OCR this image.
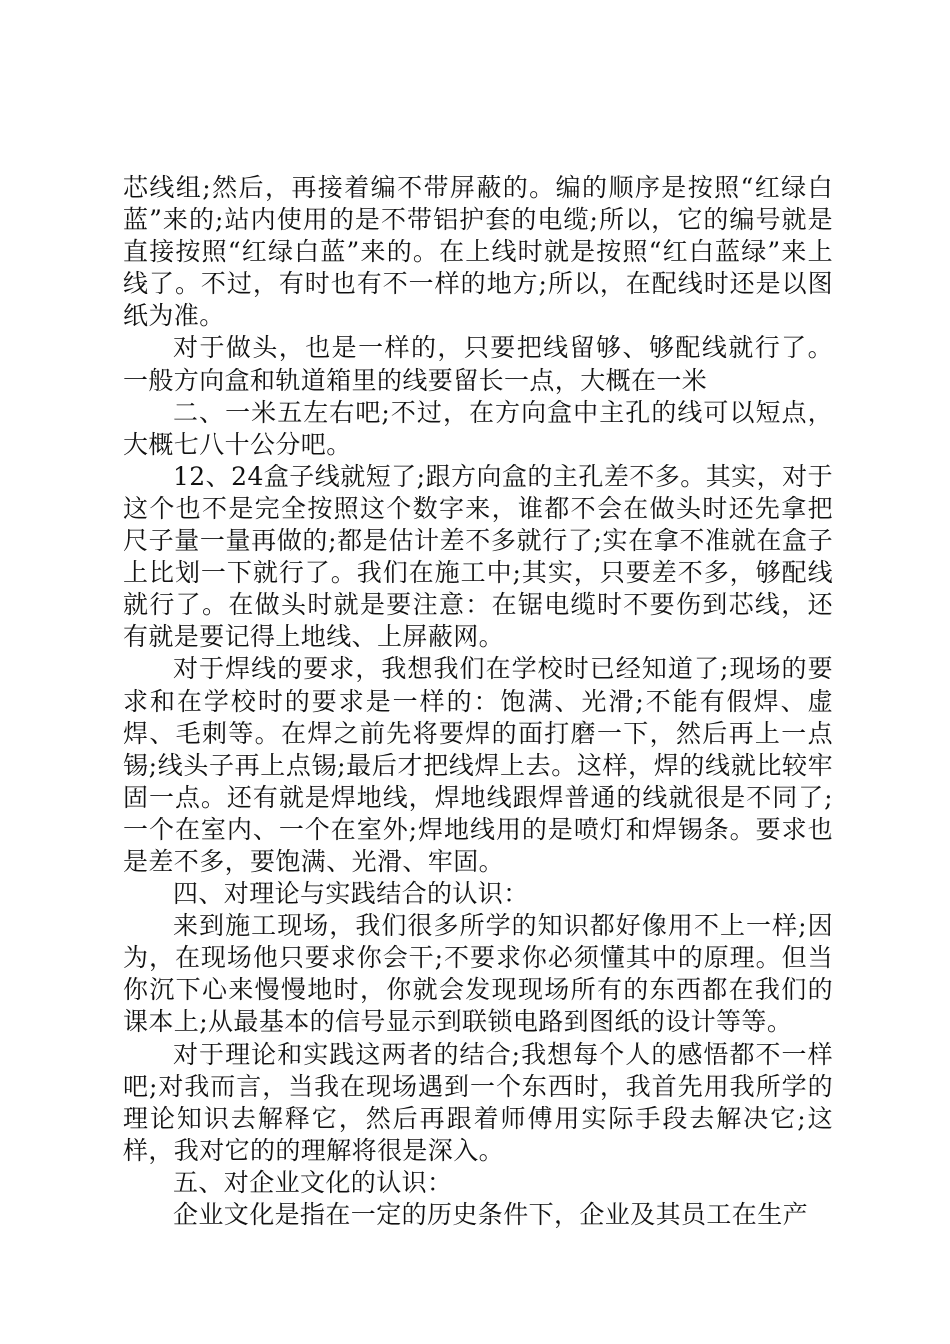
芯线组;然后，再接着编不带屏蔽的。编的顺序是按照“红绿白蓝”来的;站内使用的是不带铝护套的电缆;所以，它的编号就是直接按照“红绿白蓝”来的。在上线时就是按照“红白蓝绿”来上线了。不过，有时也有不一样的地方;所以，在配线时还是以图纸为准。

对于做头，也是一样的，只要把线留够、够配线就行了。一般方向盒和轨道箱里的线要留长一点，大概在一米

二、一米五左右吧;不过，在方向盒中主孔的线可以短点，大概七八十公分吧。

12、24盒子线就短了;跟方向盒的主孔差不多。其实，对于这个也不是完全按照这个数字来，谁都不会在做头时还先拿把尺子量一量再做的;都是估计差不多就行了;实在拿不准就在盒子上比划一下就行了。我们在施工中;其实，只要差不多，够配线就行了。在做头时就是要注意：在锯电缆时不要伤到芯线，还有就是要记得上地线、上屏蔽网。

对于焊线的要求，我想我们在学校时已经知道了;现场的要求和在学校时的要求是一样的：饱满、光滑;不能有假焊、虚焊、毛刺等。在焊之前先将要焊的面打磨一下，然后再上一点锡;线头子再上点锡;最后才把线焊上去。这样，焊的线就比较牢固一点。还有就是焊地线，焊地线跟焊普通的线就很是不同了;一个在室内、一个在室外;焊地线用的是喷灯和焊锡条。要求也是差不多，要饱满、光滑、牢固。

四、对理论与实践结合的认识：

来到施工现场，我们很多所学的知识都好像用不上一样;因为，在现场他只要求你会干;不要求你必须懂其中的原理。但当你沉下心来慢慢地时，你就会发现现场所有的东西都在我们的课本上;从最基本的信号显示到联锁电路到图纸的设计等等。

对于理论和实践这两者的结合;我想每个人的感悟都不一样吧;对我而言，当我在现场遇到一个东西时，我首先用我所学的理论知识去解释它，然后再跟着师傅用实际手段去解决它;这样，我对它的的理解将很是深入。

五、对企业文化的认识：

企业文化是指在一定的历史条件下，企业及其员工在生产
